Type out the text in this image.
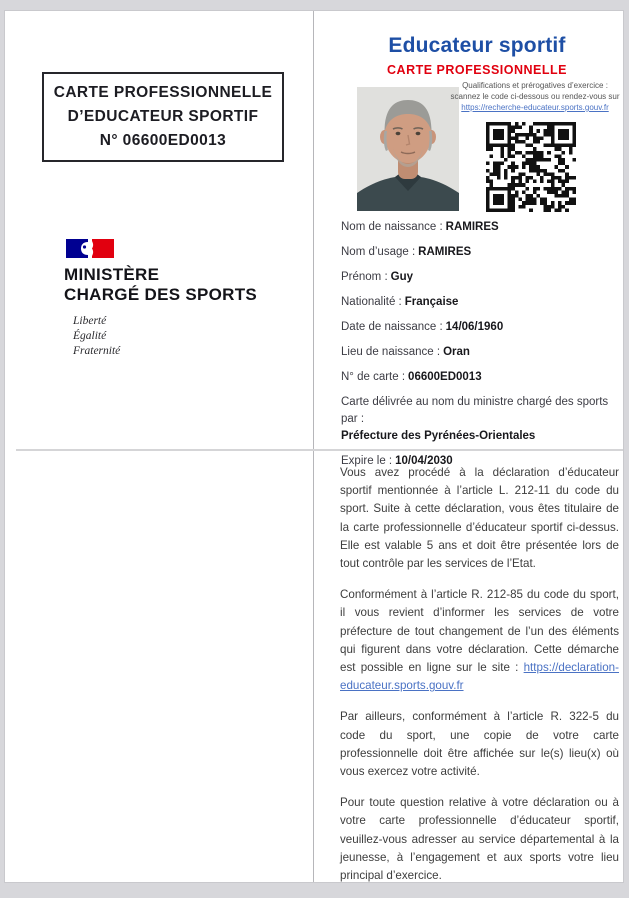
CARTE PROFESSIONNELLE
D’EDUCATEUR SPORTIF
N° 06600ED0013
MINISTÈRE
CHARGÉ DES SPORTS
Liberté
Égalité
Fraternité
Educateur sportif
CARTE PROFESSIONNELLE
Qualifications et prérogatives d’exercice :
scannez le code ci-dessous ou rendez-vous sur
https://recherche-educateur.sports.gouv.fr
Nom de naissance : RAMIRES
Nom d’usage : RAMIRES
Prénom : Guy
Nationalité : Française
Date de naissance : 14/06/1960
Lieu de naissance : Oran
N° de carte : 06600ED0013
Carte délivrée au nom du ministre chargé des sports par :
Préfecture des Pyrénées-Orientales
Expire le : 10/04/2030

Vous avez procédé à la déclaration d’éducateur sportif mentionnée à l’article L. 212-11 du code du sport. Suite à cette déclaration, vous êtes titulaire de la carte professionnelle d’éducateur sportif ci-dessus. Elle est valable 5 ans et doit être présentée lors de tout contrôle par les services de l’Etat.

Conformément à l’article R. 212-85 du code du sport, il vous revient d’informer les services de votre préfecture de tout changement de l’un des éléments qui figurent dans votre déclaration. Cette démarche est possible en ligne sur le site : https://declaration-educateur.sports.gouv.fr

Par ailleurs, conformément à l’article R. 322-5 du code du sport, une copie de votre carte professionnelle doit être affichée sur le(s) lieu(x) où vous exercez votre activité.

Pour toute question relative à votre déclaration ou à votre carte professionnelle d’éducateur sportif, veuillez-vous adresser au service départemental à la jeunesse, à l’engagement et aux sports votre lieu principal d’exercice.
